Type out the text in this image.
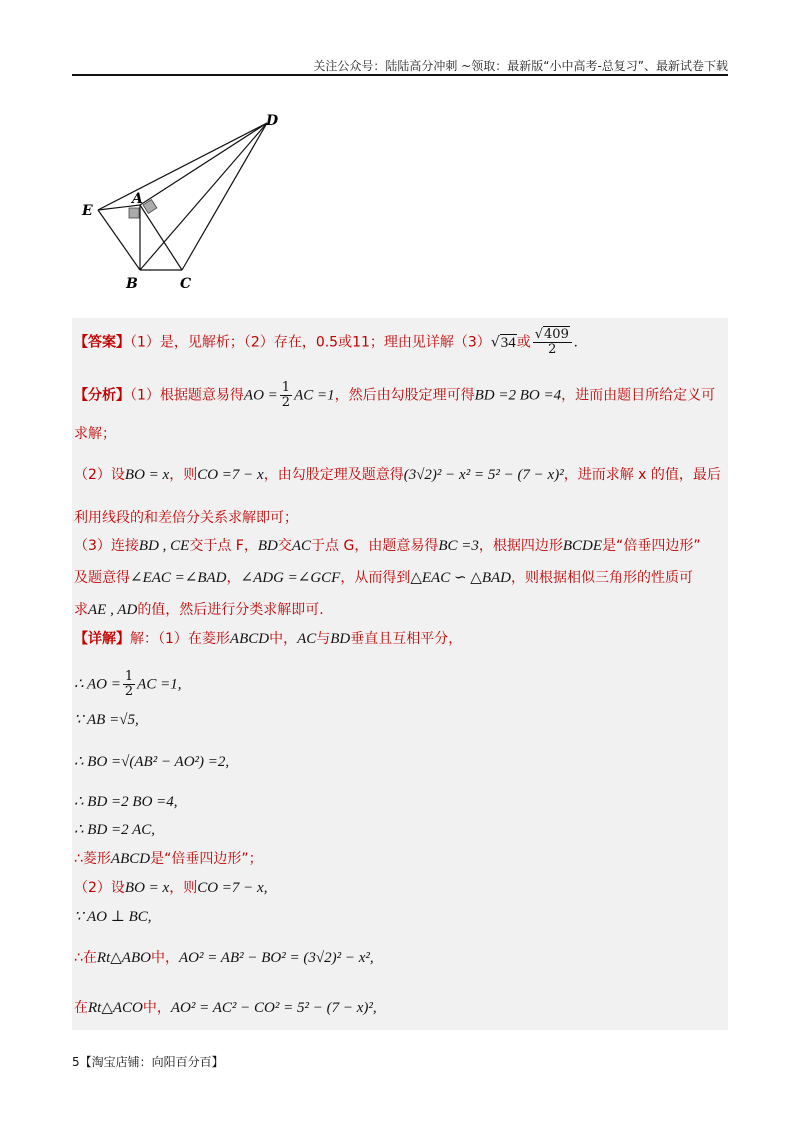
关注公众号：陆陆高分冲刺 ~领取：最新版“小中高考-总复习”、最新试卷下载
D
E
A
B	C
【答案】（1）是，见解析；（2）存在，0.5或11；理由见详解（3）√34或 $\frac{√409}{2}$ .
【分析】（1）根据题意易得AO = $\frac{1}{2}$ AC =1，然后由勾股定理可得BD =2 BO =4，进而由题目所给定义可
求解；
（2）设BO = x，则CO =7 − x，由勾股定理及题意得(3√2)² − x² = 5² − (7 − x)²，进而求解 x 的值，最后
利用线段的和差倍分关系求解即可；
（3）连接BD , CE交于点 F，BD交AC于点 G，由题意易得BC =3，根据四边形BCDE是“倍垂四边形”
及题意得∠EAC =∠BAD，∠ADG =∠GCF，从而得到△EAC ∽ △BAD，则根据相似三角形的性质可
求AE , AD的值，然后进行分类求解即可.
【详解】解：（1）在菱形ABCD中，AC与BD垂直且互相平分，
∴ AO = $\frac{1}{2}$ AC =1,
∵ AB =√5,
∴ BO =√(AB² − AO²) =2,
∴ BD =2 BO =4,
∴ BD =2 AC,
∴菱形ABCD是“倍垂四边形”；
（2）设BO = x，则CO =7 − x,
∵ AO ⊥ BC,
∴在Rt△ABO中，AO² = AB² − BO² = (3√2)² − x²,
在Rt△ACO中，AO² = AC² − CO² = 5² − (7 − x)²,
5【淘宝店铺：向阳百分百】
